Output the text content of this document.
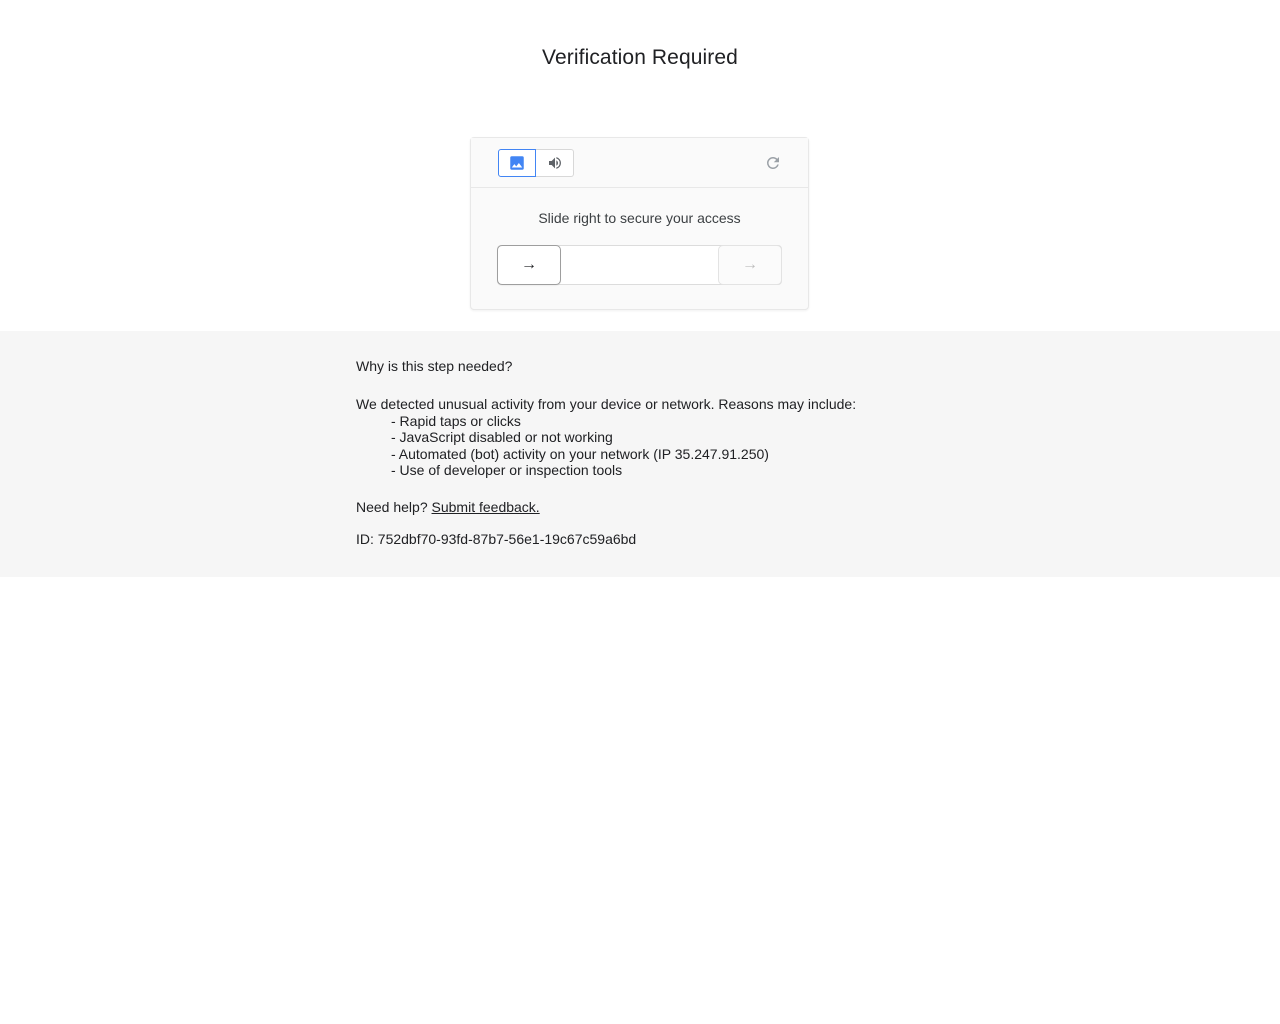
Verification Required
Slide right to secure your access
→	→

Why is this step needed?

We detected unusual activity from your device or network. Reasons may include:

- Rapid taps or clicks
- JavaScript disabled or not working
- Automated (bot) activity on your network (IP 35.247.91.250)
- Use of developer or inspection tools

Need help? Submit feedback.

ID: 752dbf70-93fd-87b7-56e1-19c67c59a6bd
